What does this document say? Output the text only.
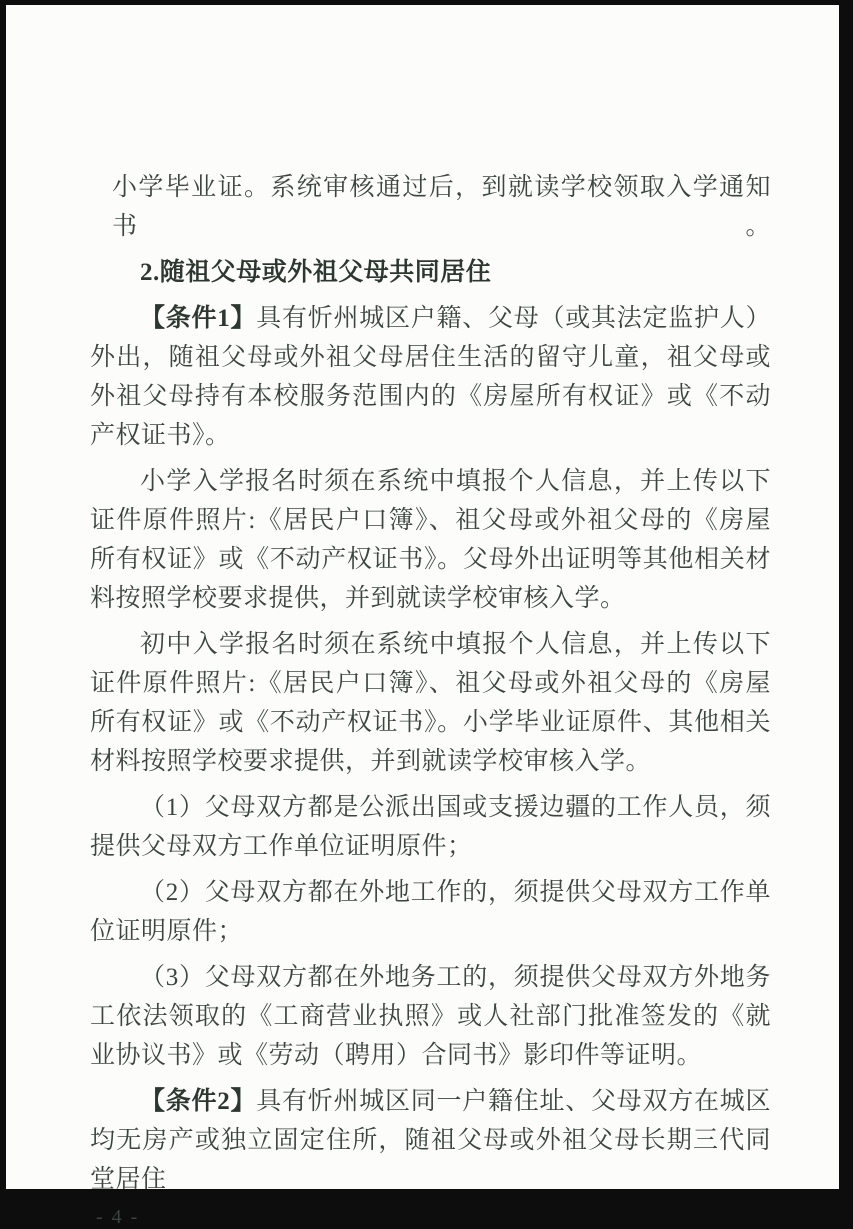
小学毕业证。系统审核通过后，到就读学校领取入学通知书。

2.随祖父母或外祖父母共同居住

【条件1】具有忻州城区户籍、父母（或其法定监护人）外出，随祖父母或外祖父母居住生活的留守儿童，祖父母或外祖父母持有本校服务范围内的《房屋所有权证》或《不动产权证书》。

小学入学报名时须在系统中填报个人信息，并上传以下证件原件照片:《居民户口簿》、祖父母或外祖父母的《房屋所有权证》或《不动产权证书》。父母外出证明等其他相关材料按照学校要求提供，并到就读学校审核入学。

初中入学报名时须在系统中填报个人信息，并上传以下证件原件照片:《居民户口簿》、祖父母或外祖父母的《房屋所有权证》或《不动产权证书》。小学毕业证原件、其他相关材料按照学校要求提供，并到就读学校审核入学。

（1）父母双方都是公派出国或支援边疆的工作人员，须提供父母双方工作单位证明原件；

（2）父母双方都在外地工作的，须提供父母双方工作单位证明原件；

（3）父母双方都在外地务工的，须提供父母双方外地务工依法领取的《工商营业执照》或人社部门批准签发的《就业协议书》或《劳动（聘用）合同书》影印件等证明。

【条件2】具有忻州城区同一户籍住址、父母双方在城区均无房产或独立固定住所，随祖父母或外祖父母长期三代同堂居住

- 4 -
